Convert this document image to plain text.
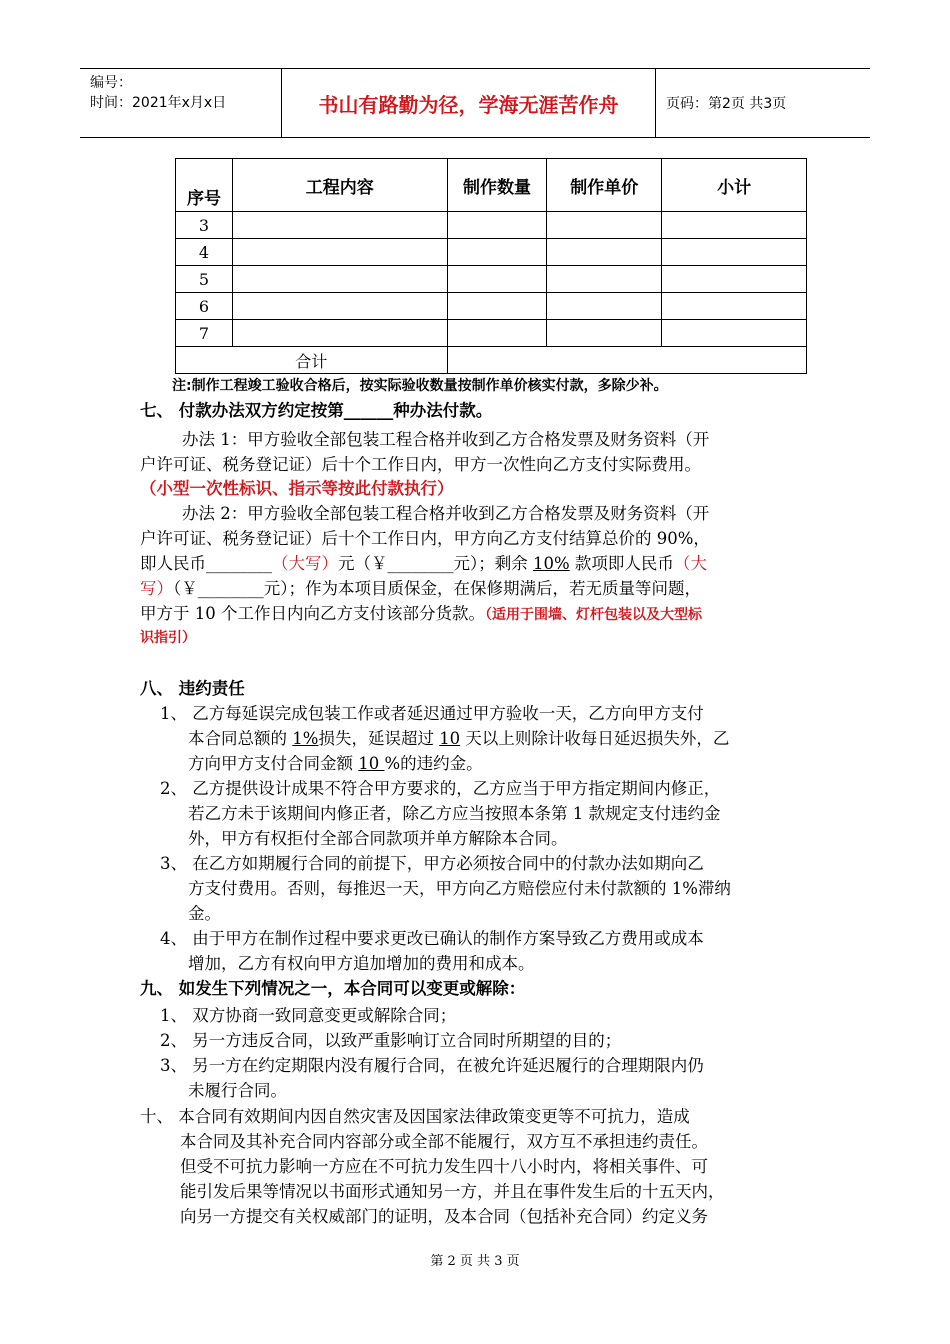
编号：
时间：2021年x月x日	书山有路勤为径，学海无涯苦作舟	页码：第2页 共3页
序号	工程内容	制作数量	制作单价	小计
3				
4				
5				
6				
7				
合计				
注:制作工程竣工验收合格后，按实际验收数量按制作单价核实付款，多除少补。
七、 付款办法双方约定按第______种办法付款。
办法 1：甲方验收全部包装工程合格并收到乙方合格发票及财务资料（开
户许可证、税务登记证）后十个工作日内，甲方一次性向乙方支付实际费用。
（小型一次性标识、指示等按此付款执行）
办法 2：甲方验收全部包装工程合格并收到乙方合格发票及财务资料（开
户许可证、税务登记证）后十个工作日内，甲方向乙方支付结算总价的 90%，
即人民币________（大写）元（￥________元）；剩余 10% 款项即人民币（大
写）（￥________元）；作为本项目质保金，在保修期满后，若无质量等问题，
甲方于 10 个工作日内向乙方支付该部分货款。（适用于围墙、灯杆包装以及大型标
识指引）
八、 违约责任
1、 乙方每延误完成包装工作或者延迟通过甲方验收一天，乙方向甲方支付
本合同总额的 1%损失，延误超过 10 天以上则除计收每日延迟损失外，乙
方向甲方支付合同金额 10 %的违约金。
2、 乙方提供设计成果不符合甲方要求的，乙方应当于甲方指定期间内修正，
若乙方未于该期间内修正者，除乙方应当按照本条第 1 款规定支付违约金
外，甲方有权拒付全部合同款项并单方解除本合同。
3、 在乙方如期履行合同的前提下，甲方必须按合同中的付款办法如期向乙
方支付费用。否则，每推迟一天，甲方向乙方赔偿应付未付款额的 1%滞纳
金。
4、 由于甲方在制作过程中要求更改已确认的制作方案导致乙方费用或成本
增加，乙方有权向甲方追加增加的费用和成本。
九、 如发生下列情况之一，本合同可以变更或解除：
1、 双方协商一致同意变更或解除合同；
2、 另一方违反合同，以致严重影响订立合同时所期望的目的；
3、 另一方在约定期限内没有履行合同，在被允许延迟履行的合理期限内仍
未履行合同。
十、 本合同有效期间内因自然灾害及因国家法律政策变更等不可抗力，造成
本合同及其补充合同内容部分或全部不能履行，双方互不承担违约责任。
但受不可抗力影响一方应在不可抗力发生四十八小时内，将相关事件、可
能引发后果等情况以书面形式通知另一方，并且在事件发生后的十五天内，
向另一方提交有关权威部门的证明，及本合同（包括补充合同）约定义务
第 2 页 共 3 页
